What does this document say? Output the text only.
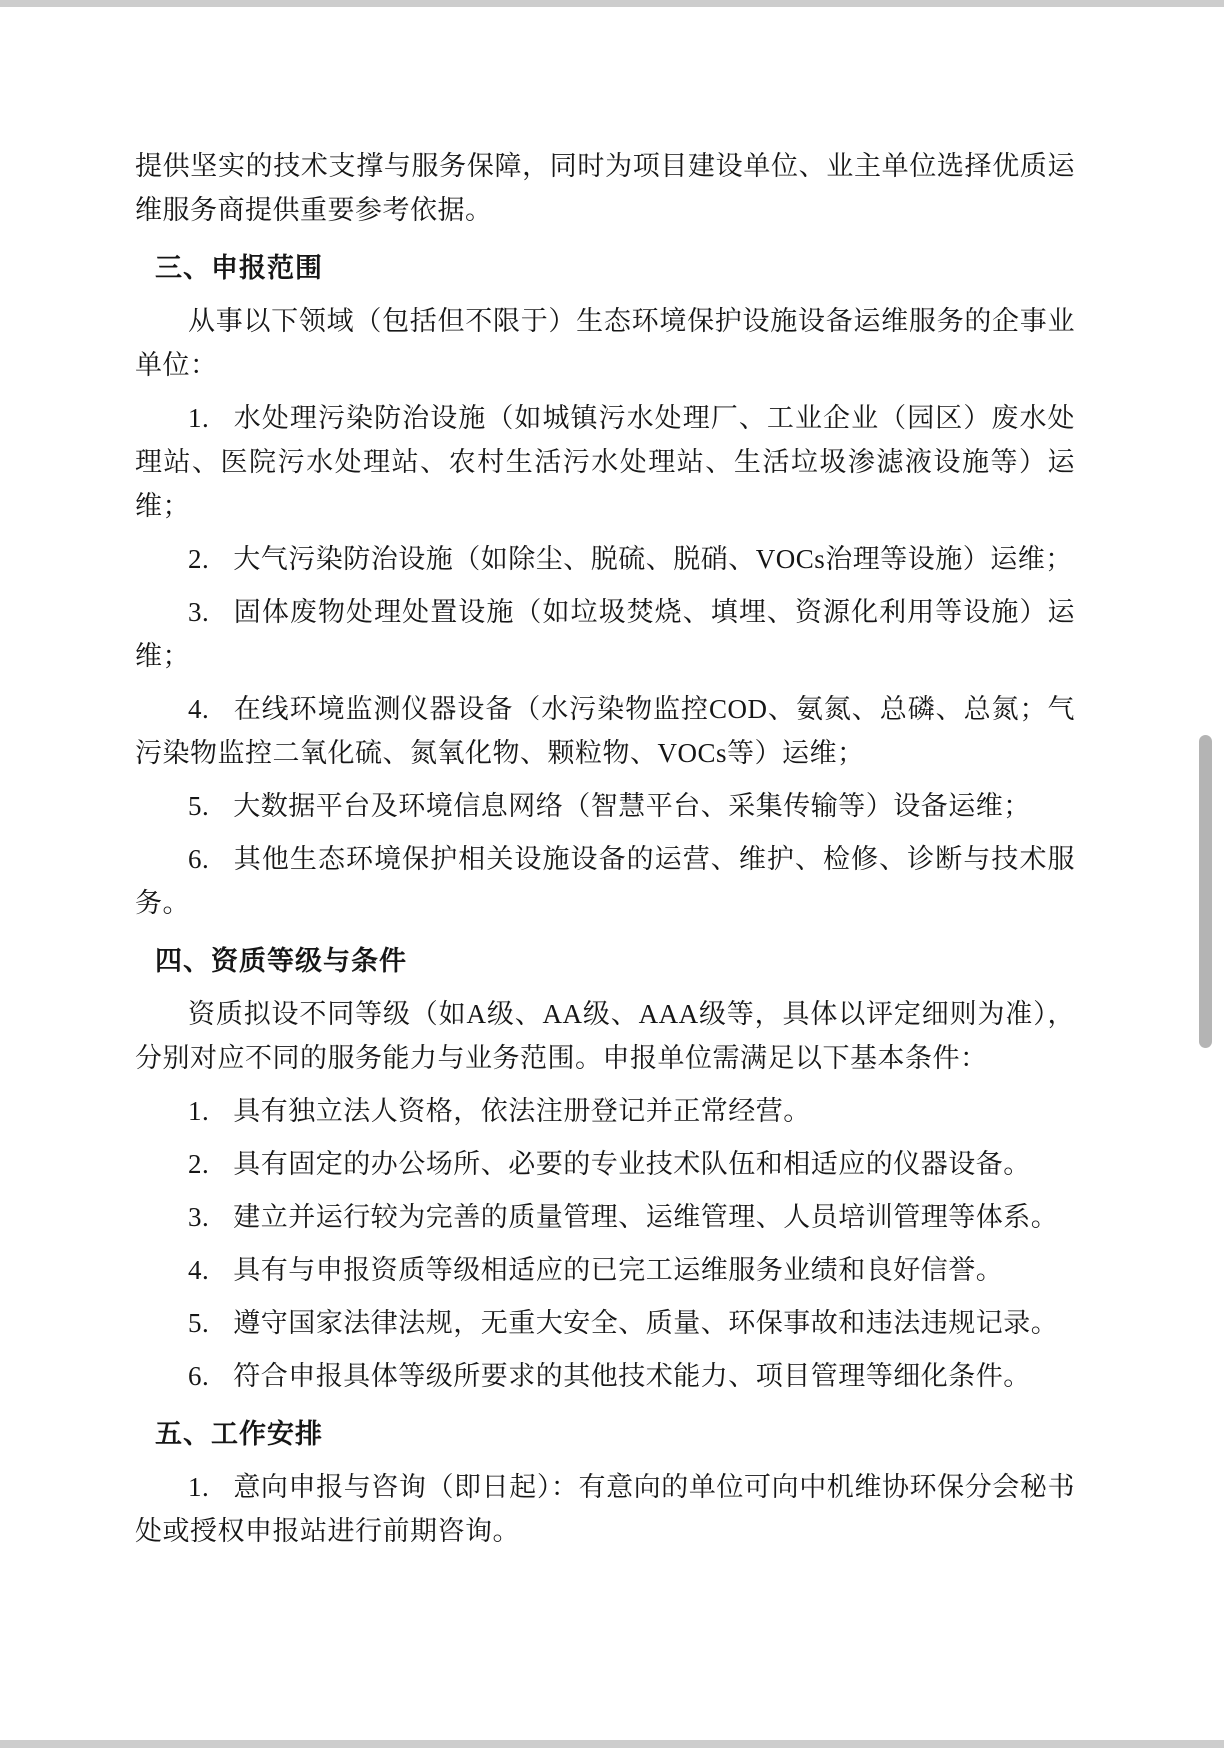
提供坚实的技术支撑与服务保障，同时为项目建设单位、业主单位选择优质运维服务商提供重要参考依据。

三、申报范围

从事以下领域（包括但不限于）生态环境保护设施设备运维服务的企事业单位：

1. 水处理污染防治设施（如城镇污水处理厂、工业企业（园区）废水处理站、医院污水处理站、农村生活污水处理站、生活垃圾渗滤液设施等）运维；

2. 大气污染防治设施（如除尘、脱硫、脱硝、VOCs治理等设施）运维；

3. 固体废物处理处置设施（如垃圾焚烧、填埋、资源化利用等设施）运维；

4. 在线环境监测仪器设备（水污染物监控COD、氨氮、总磷、总氮；气污染物监控二氧化硫、氮氧化物、颗粒物、VOCs等）运维；

5. 大数据平台及环境信息网络（智慧平台、采集传输等）设备运维；

6. 其他生态环境保护相关设施设备的运营、维护、检修、诊断与技术服务。

四、资质等级与条件

资质拟设不同等级（如A级、AA级、AAA级等，具体以评定细则为准），分别对应不同的服务能力与业务范围。申报单位需满足以下基本条件：

1. 具有独立法人资格，依法注册登记并正常经营。

2. 具有固定的办公场所、必要的专业技术队伍和相适应的仪器设备。

3. 建立并运行较为完善的质量管理、运维管理、人员培训管理等体系。

4. 具有与申报资质等级相适应的已完工运维服务业绩和良好信誉。

5. 遵守国家法律法规，无重大安全、质量、环保事故和违法违规记录。

6. 符合申报具体等级所要求的其他技术能力、项目管理等细化条件。

五、工作安排

1. 意向申报与咨询（即日起）：有意向的单位可向中机维协环保分会秘书处或授权申报站进行前期咨询。
